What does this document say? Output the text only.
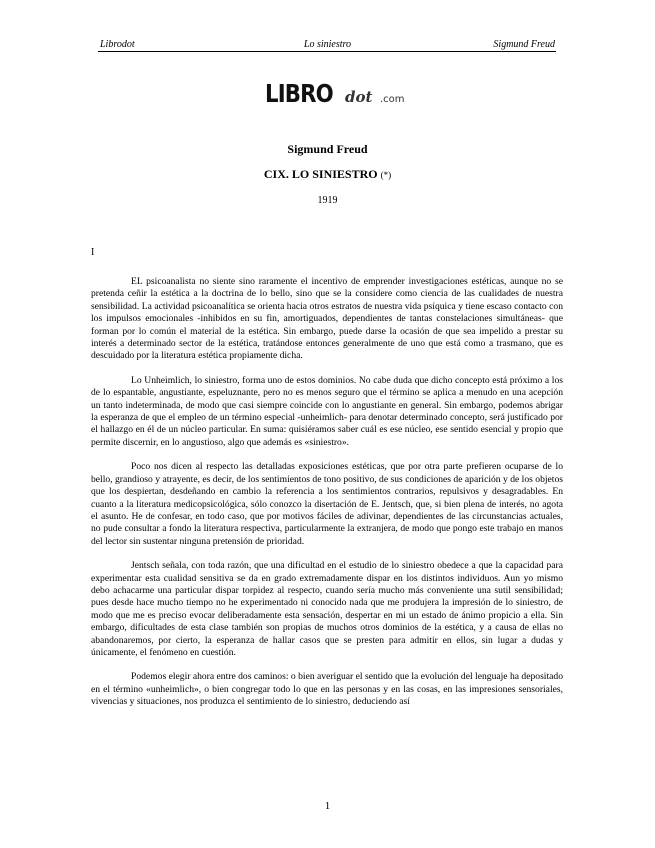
Librodot	Lo siniestro	Sigmund Freud
LIBRO dot .com
Sigmund Freud
CIX. LO SINIESTRO (*)
1919
I

EL psicoanalista no siente sino raramente el incentivo de emprender investigaciones estéticas, aunque no se pretenda ceñir la estética a la doctrina de lo bello, sino que se la considere como ciencia de las cualidades de nuestra sensibilidad. La actividad psicoanalítica se orienta hacia otros estratos de nuestra vida psíquica y tiene escaso contacto con los impulsos emocionales -inhibidos en su fin, amortiguados, dependientes de tantas constelaciones simultáneas- que forman por lo común el material de la estética. Sin embargo, puede darse la ocasión de que sea impelido a prestar su interés a determinado sector de la estética, tratándose entonces generalmente de uno que está como a trasmano, que es descuidado por la literatura estética propiamente dicha.

Lo Unheimlich, lo siniestro, forma uno de estos dominios. No cabe duda que dicho concepto está próximo a los de lo espantable, angustiante, espeluznante, pero no es menos seguro que el término se aplica a menudo en una acepción un tanto indeterminada, de modo que casi siempre coincide con lo angustiante en general. Sin embargo, podemos abrigar la esperanza de que el empleo de un término especial -unheimlich- para denotar determinado concepto, será justificado por el hallazgo en él de un núcleo particular. En suma: quisiéramos saber cuál es ese núcleo, ese sentido esencial y propio que permite discernir, en lo angustioso, algo que además es «siniestro».

Poco nos dicen al respecto las detalladas exposiciones estéticas, que por otra parte prefieren ocuparse de lo bello, grandioso y atrayente, es decir, de los sentimientos de tono positivo, de sus condiciones de aparición y de los objetos que los despiertan, desdeñando en cambio la referencia a los sentimientos contrarios, repulsivos y desagradables. En cuanto a la literatura medicopsicológica, sólo conozco la disertación de E. Jentsch, que, si bien plena de interés, no agota el asunto. He de confesar, en todo caso, que por motivos fáciles de adivinar, dependientes de las circunstancias actuales, no pude consultar a fondo la literatura respectiva, particularmente la extranjera, de modo que pongo este trabajo en manos del lector sin sustentar ninguna pretensión de prioridad.

Jentsch señala, con toda razón, que una dificultad en el estudio de lo siniestro obedece a que la capacidad para experimentar esta cualidad sensitiva se da en grado extremadamente dispar en los distintos individuos. Aun yo mismo debo achacarme una particular dispar torpidez al respecto, cuando sería mucho más conveniente una sutil sensibilidad; pues desde hace mucho tiempo no he experimentado ni conocido nada que me produjera la impresión de lo siniestro, de modo que me es preciso evocar deliberadamente esta sensación, despertar en mi un estado de ánimo propicio a ella. Sin embargo, dificultades de esta clase también son propias de muchos otros dominios de la estética, y a causa de ellas no abandonaremos, por cierto, la esperanza de hallar casos que se presten para admitir en ellos, sin lugar a dudas y únicamente, el fenómeno en cuestión.

Podemos elegir ahora entre dos caminos: o bien averiguar el sentido que la evolución del lenguaje ha depositado en el término «unheimlich», o bien congregar todo lo que en las personas y en las cosas, en las impresiones sensoriales, vivencias y situaciones, nos produzca el sentimiento de lo siniestro, deduciendo así

1
